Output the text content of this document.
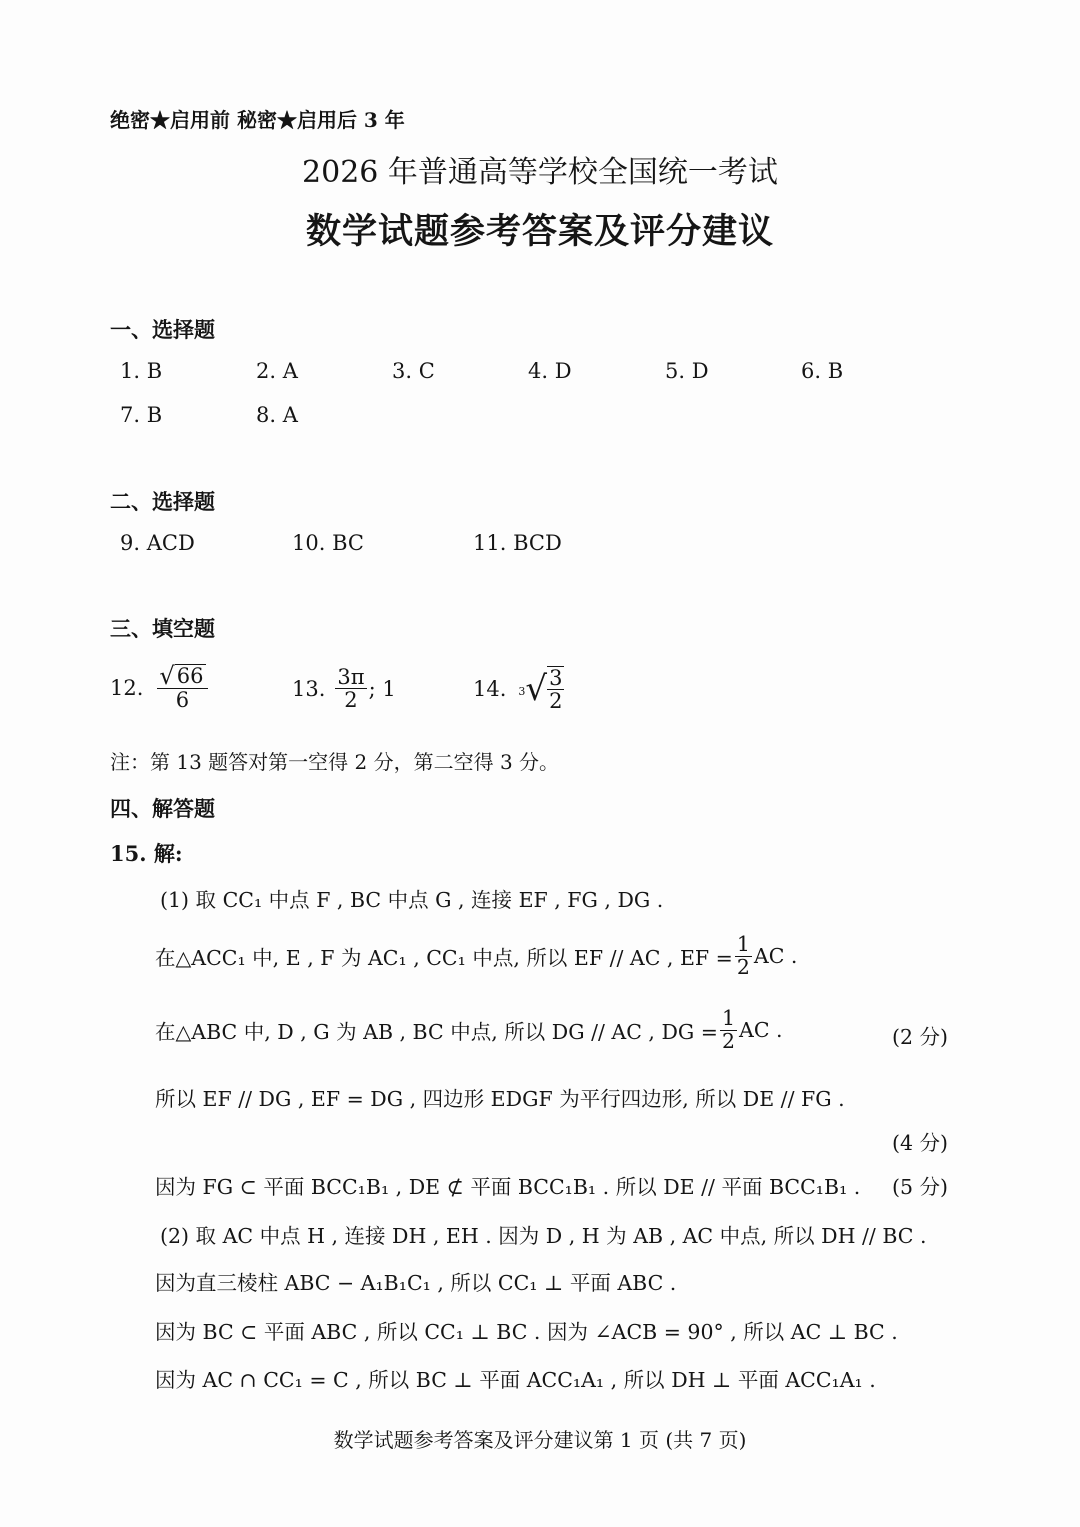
绝密★启用前 秘密★启用后 3 年
2026 年普通高等学校全国统一考试
数学试题参考答案及评分建议
一、选择题
1. B	2. A	3. C	4. D	5. D	6. B
7. B	8. A
二、选择题
9. ACD	10. BC	11. BCD
三、填空题
12. $\frac{√ 66}{6}$	13. $\frac{3\pi}{2}$ ; 1	14. 3 √ $\frac{3}{2}$
注：第 13 题答对第一空得 2 分，第二空得 3 分。
四、解答题
15. 解:
(1) 取 CC₁ 中点 F , BC 中点 G , 连接 EF , FG , DG .
在△ACC₁ 中, E , F 为 AC₁ , CC₁ 中点, 所以 EF // AC , EF = $\frac{1}{2}$ AC .
在△ABC 中, D , G 为 AB , BC 中点, 所以 DG // AC , DG = $\frac{1}{2}$ AC .	(2 分)
所以 EF // DG , EF = DG , 四边形 EDGF 为平行四边形, 所以 DE // FG .
(4 分)
因为 FG ⊂ 平面 BCC₁B₁ , DE ⊄ 平面 BCC₁B₁ . 所以 DE // 平面 BCC₁B₁ . (5 分)
(2) 取 AC 中点 H , 连接 DH , EH . 因为 D , H 为 AB , AC 中点, 所以 DH // BC .
因为直三棱柱 ABC − A₁B₁C₁ , 所以 CC₁ ⊥ 平面 ABC .
因为 BC ⊂ 平面 ABC , 所以 CC₁ ⊥ BC . 因为 ∠ACB = 90° , 所以 AC ⊥ BC .
因为 AC ∩ CC₁ = C , 所以 BC ⊥ 平面 ACC₁A₁ , 所以 DH ⊥ 平面 ACC₁A₁ .
数学试题参考答案及评分建议第 1 页 (共 7 页)
